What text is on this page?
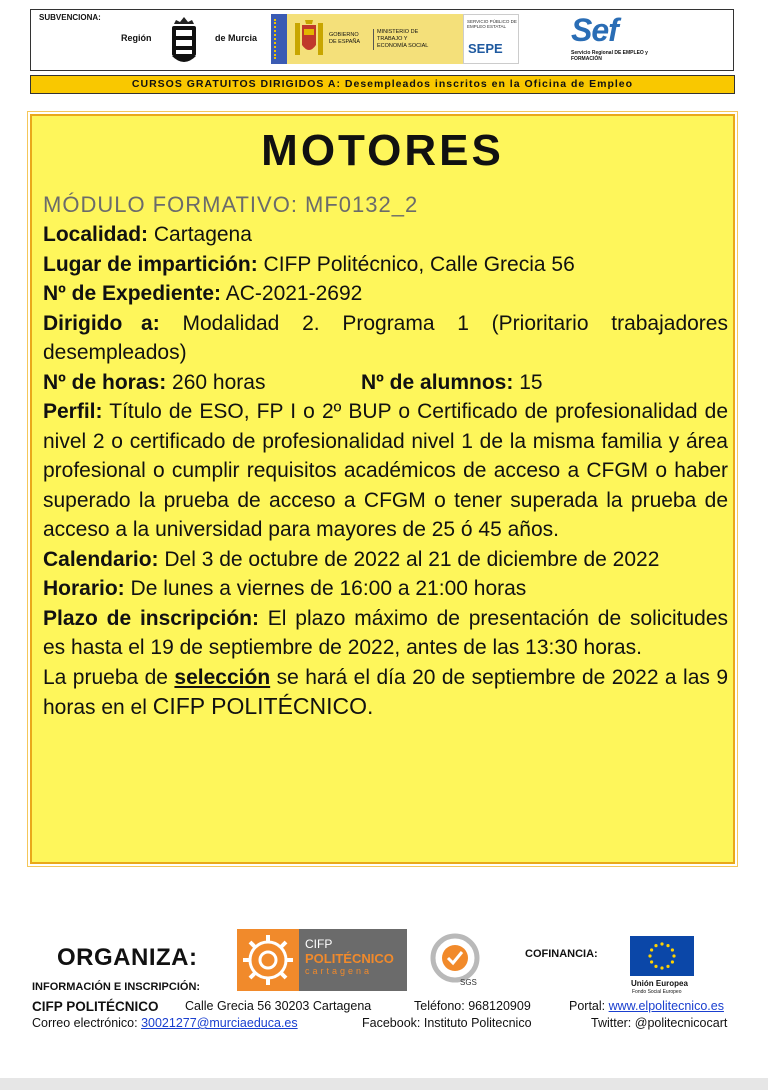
SUBVENCIONA:
Región	de Murcia	GOBIERNO DE ESPAÑA
MINISTERIO DE TRABAJO Y ECONOMÍA SOCIAL
SERVICIO PÚBLICO DE EMPLEO ESTATAL
SEPE
Sef
Servicio Regional DE EMPLEO y FORMACIÓN
CURSOS GRATUITOS DIRIGIDOS A: Desempleados inscritos en la Oficina de Empleo
MOTORES
MÓDULO FORMATIVO: MF0132_2

Localidad: Cartagena

Lugar de impartición: CIFP Politécnico, Calle Grecia 56

Nº de Expediente: AC-2021-2692

Dirigido a: Modalidad 2. Programa 1 (Prioritario trabajadores desempleados)

Nº de horas: 260 horas	Nº de alumnos: 15

Perfil: Título de ESO, FP I o 2º BUP o Certificado de profesionalidad de nivel 2 o certificado de profesionalidad nivel 1 de la misma familia y área profesional o cumplir requisitos académicos de acceso a CFGM o haber superado la prueba de acceso a CFGM o tener superada la prueba de acceso a la universidad para mayores de 25 ó 45 años.

Calendario: Del 3 de octubre de 2022 al 21 de diciembre de 2022

Horario: De lunes a viernes de 16:00 a 21:00 horas

Plazo de inscripción: El plazo máximo de presentación de solicitudes es hasta el 19 de septiembre de 2022, antes de las 13:30 horas.

La prueba de selección se hará el día 20 de septiembre de 2022 a las 9 horas en el CIFP POLITÉCNICO.

ORGANIZA:	CIFP
POLITÉCNICO
cartagena
SGS
COFINANCIA:
Unión Europea
Fondo Social Europeo
INFORMACIÓN E INSCRIPCIÓN:
CIFP POLITÉCNICO Calle Grecia 56 30203 Cartagena	Teléfono: 968120909	Portal: www.elpolitecnico.es
Correo electrónico: 30021277@murciaeduca.es	Facebook: Instituto Politecnico	Twitter: @politecnicocart
